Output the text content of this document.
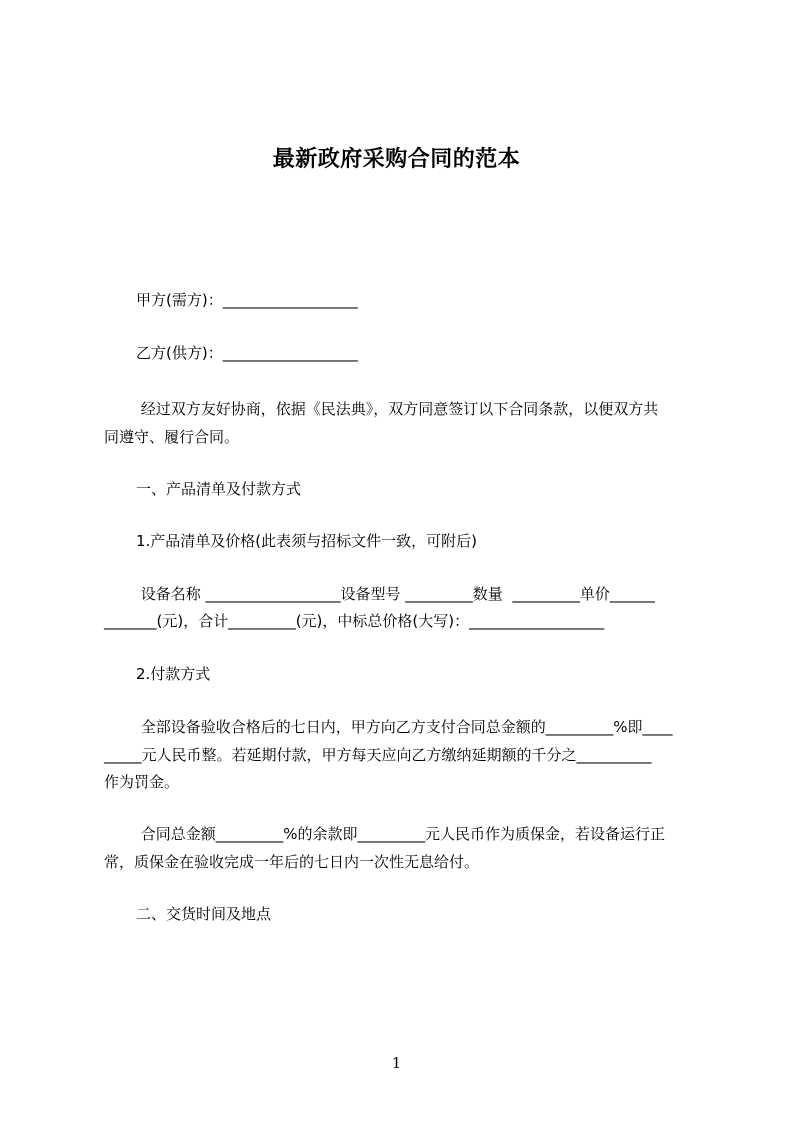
最新政府采购合同的范本

甲方(需方)：__________________

乙方(供方)：__________________

经过双方友好协商，依据《民法典》，双方同意签订以下合同条款，以便双方共

同遵守、履行合同。

一、产品清单及付款方式

1.产品清单及价格(此表须与招标文件一致，可附后)

设备名称 __________________设备型号 _________数量  _________单价______

_______(元)，合计_________(元)，中标总价格(大写)：__________________

2.付款方式

全部设备验收合格后的七日内，甲方向乙方支付合同总金额的_________%即____

_____元人民币整。若延期付款，甲方每天应向乙方缴纳延期额的千分之__________

作为罚金。

合同总金额_________%的余款即_________元人民币作为质保金，若设备运行正

常，质保金在验收完成一年后的七日内一次性无息给付。

二、交货时间及地点

1
